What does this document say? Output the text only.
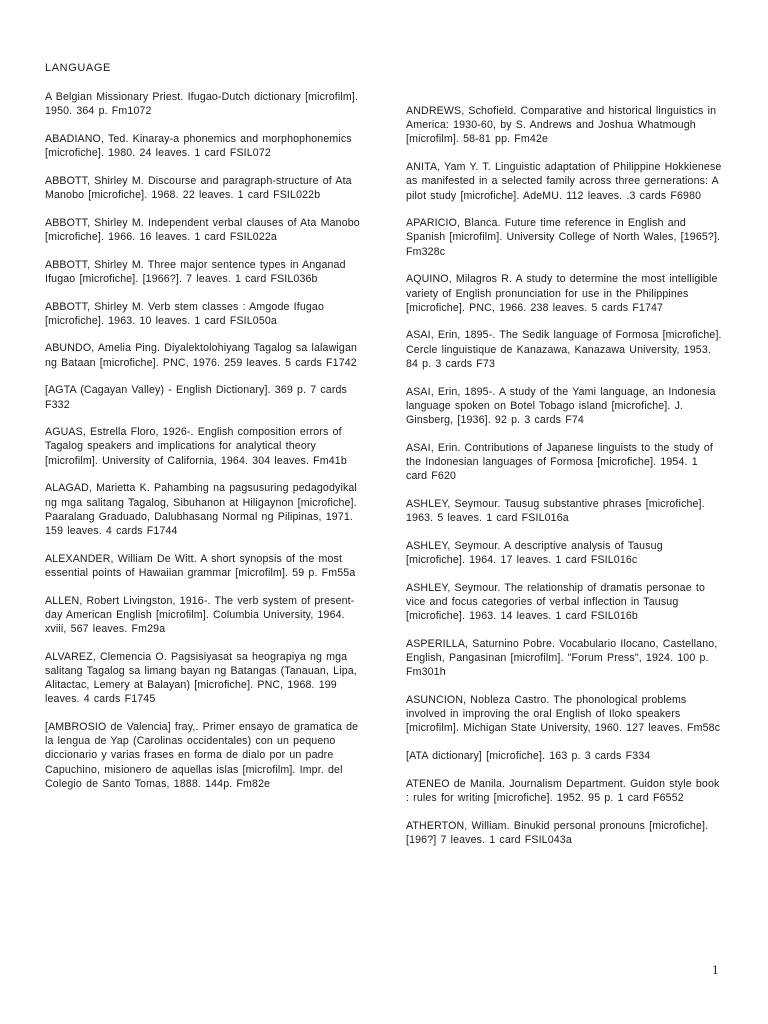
LANGUAGE

A Belgian Missionary Priest. Ifugao-Dutch dictionary [microfilm]. 1950. 364 p. Fm1072

ABADIANO, Ted. Kinaray-a phonemics and morphophonemics [microfiche]. 1980. 24 leaves. 1 card FSIL072

ABBOTT, Shirley M. Discourse and paragraph-structure of Ata Manobo [microfiche]. 1968. 22 leaves. 1 card FSIL022b

ABBOTT, Shirley M. Independent verbal clauses of Ata Manobo [microfiche]. 1966. 16 leaves. 1 card FSIL022a

ABBOTT, Shirley M. Three major sentence types in Anganad Ifugao [microfiche]. [1966?]. 7 leaves. 1 card FSIL036b

ABBOTT, Shirley M. Verb stem classes : Amgode Ifugao [microfiche]. 1963. 10 leaves. 1 card FSIL050a

ABUNDO, Amelia Ping. Diyalektolohiyang Tagalog sa lalawigan ng Bataan [microfiche]. PNC, 1976. 259 leaves. 5 cards F1742

[AGTA (Cagayan Valley) - English Dictionary]. 369 p. 7 cards F332

AGUAS, Estrella Floro, 1926-. English composition errors of Tagalog speakers and implications for analytical theory [microfilm]. University of California, 1964. 304 leaves. Fm41b

ALAGAD, Marietta K. Pahambing na pagsusuring pedagodyikal ng mga salitang Tagalog, Sibuhanon at Hiligaynon [microfiche]. Paaralang Graduado, Dalubhasang Normal ng Pilipinas, 1971. 159 leaves. 4 cards F1744

ALEXANDER, William De Witt. A short synopsis of the most essential points of Hawaiian grammar [microfilm]. 59 p. Fm55a

ALLEN, Robert Livingston, 1916-. The verb system of present-day American English [microfilm]. Columbia University, 1964. xviii, 567 leaves. Fm29a

ALVAREZ, Clemencia O. Pagsisiyasat sa heograpiya ng mga salitang Tagalog sa limang bayan ng Batangas (Tanauan, Lipa, Alitactac, Lemery at Balayan) [microfiche]. PNC, 1968. 199 leaves. 4 cards F1745

[AMBROSIO de Valencia] fray,. Primer ensayo de gramatica de la lengua de Yap (Carolinas occidentales) con un pequeno diccionario y varias frases en forma de dialo por un padre Capuchino, misionero de aquellas islas [microfilm]. Impr. del Colegio de Santo Tomas, 1888. 144p. Fm82e

ANDREWS, Schofield. Comparative and historical linguistics in America: 1930-60, by S. Andrews and Joshua Whatmough [microfilm]. 58-81 pp. Fm42e

ANITA, Yam Y. T. Linguistic adaptation of Philippine Hokkienese as manifested in a selected family across three gernerations: A pilot study [microfiche]. AdeMU. 112 leaves. .3 cards F6980

APARICIO, Blanca. Future time reference in English and Spanish [microfilm]. University College of North Wales, [1965?]. Fm328c

AQUINO, Milagros R. A study to determine the most intelligible variety of English pronunciation for use in the Philippines [microfiche]. PNC, 1966. 238 leaves. 5 cards F1747

ASAI, Erin, 1895-. The Sedik language of Formosa [microfiche]. Cercle linguistique de Kanazawa, Kanazawa University, 1953. 84 p. 3 cards F73

ASAI, Erin, 1895-. A study of the Yami language, an Indonesia language spoken on Botel Tobago island [microfiche]. J. Ginsberg, [1936]. 92 p. 3 cards F74

ASAI, Erin. Contributions of Japanese linguists to the study of the Indonesian languages of Formosa [microfiche]. 1954. 1 card F620

ASHLEY, Seymour. Tausug substantive phrases [microfiche]. 1963. 5 leaves. 1 card FSIL016a

ASHLEY, Seymour. A descriptive analysis of Tausug [microfiche]. 1964. 17 leaves. 1 card FSIL016c

ASHLEY, Seymour. The relationship of dramatis personae to vice and focus categories of verbal inflection in Tausug [microfiche]. 1963. 14 leaves. 1 card FSIL016b

ASPERILLA, Saturnino Pobre. Vocabulario Ilocano, Castellano, English, Pangasinan [microfilm]. "Forum Press", 1924. 100 p. Fm301h

ASUNCION, Nobleza Castro. The phonological problems involved in improving the oral English of Iloko speakers [microfilm]. Michigan State University, 1960. 127 leaves. Fm58c

[ATA dictionary] [microfiche]. 163 p. 3 cards F334

ATENEO de Manila. Journalism Department. Guidon style book : rules for writing [microfiche]. 1952. 95 p. 1 card F6552

ATHERTON, William. Binukid personal pronouns [microfiche]. [196?] 7 leaves. 1 card FSIL043a

1
